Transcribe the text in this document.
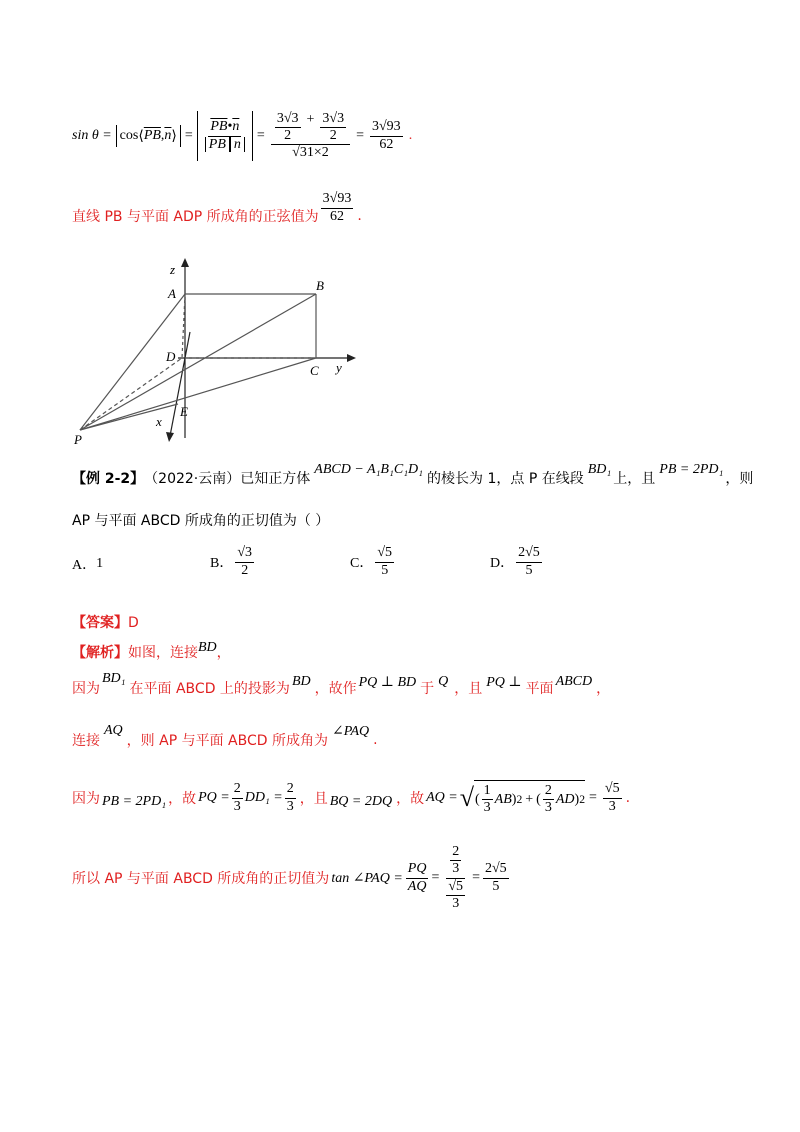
sin θ = cos ⟨ $\overline{PB}$ , $\overline{n}$ ⟩ = $\frac{\overline{PB}•\overline{n}}{\overline{PB} \overline{n}} = \frac{\frac{3√3}{2} + \frac{3√3}{2}}{√31\times 2} = \frac{3√93}{62}$ .
直线 PB 与平面 ADP 所成角的正弦值为 $\frac{3√93}{62}$ .
z
A
B
D
C y
E
x
P
【例 2-2】 （2022·云南）已知正方体
ABCD − A₁B₁C₁D₁
的棱长为 1，点 P 在线段
BD₁
上，且
PB = 2PD₁
，则
AP 与平面 ABCD 所成角的正切值为（ ）
A． 1	B． $\frac{√3}{2}$	C． $\frac{√5}{5}$	D． $\frac{2√5}{5}$
【答案】D
【解析】 如图，连接 BD ，
因为
BD₁
在平面 ABCD 上的投影为 BD ，故作 PQ ⊥ BD 于 Q ，且 PQ ⊥ 平面 ABCD ，
连接
AQ
，则 AP 与平面 ABCD 所成角为
∠PAQ
.
因为 PB = 2PD₁ ，故 PQ = $\frac{2}{3} DD_1 = \frac{2}{3}$ ，且 BQ = 2DQ ，故 AQ = √ ( $\frac{1}{3}$ AB ) 2 + ( $\frac{2}{3}$ AD ) $2 = \frac{√5}{3}$ .
所以 AP 与平面 ABCD 所成角的正切值为 tan ∠PAQ = $\frac{PQ}{AQ} = \frac{\frac{2}{3}}{\frac{√5}{3}} = \frac{2√5}{5}$
